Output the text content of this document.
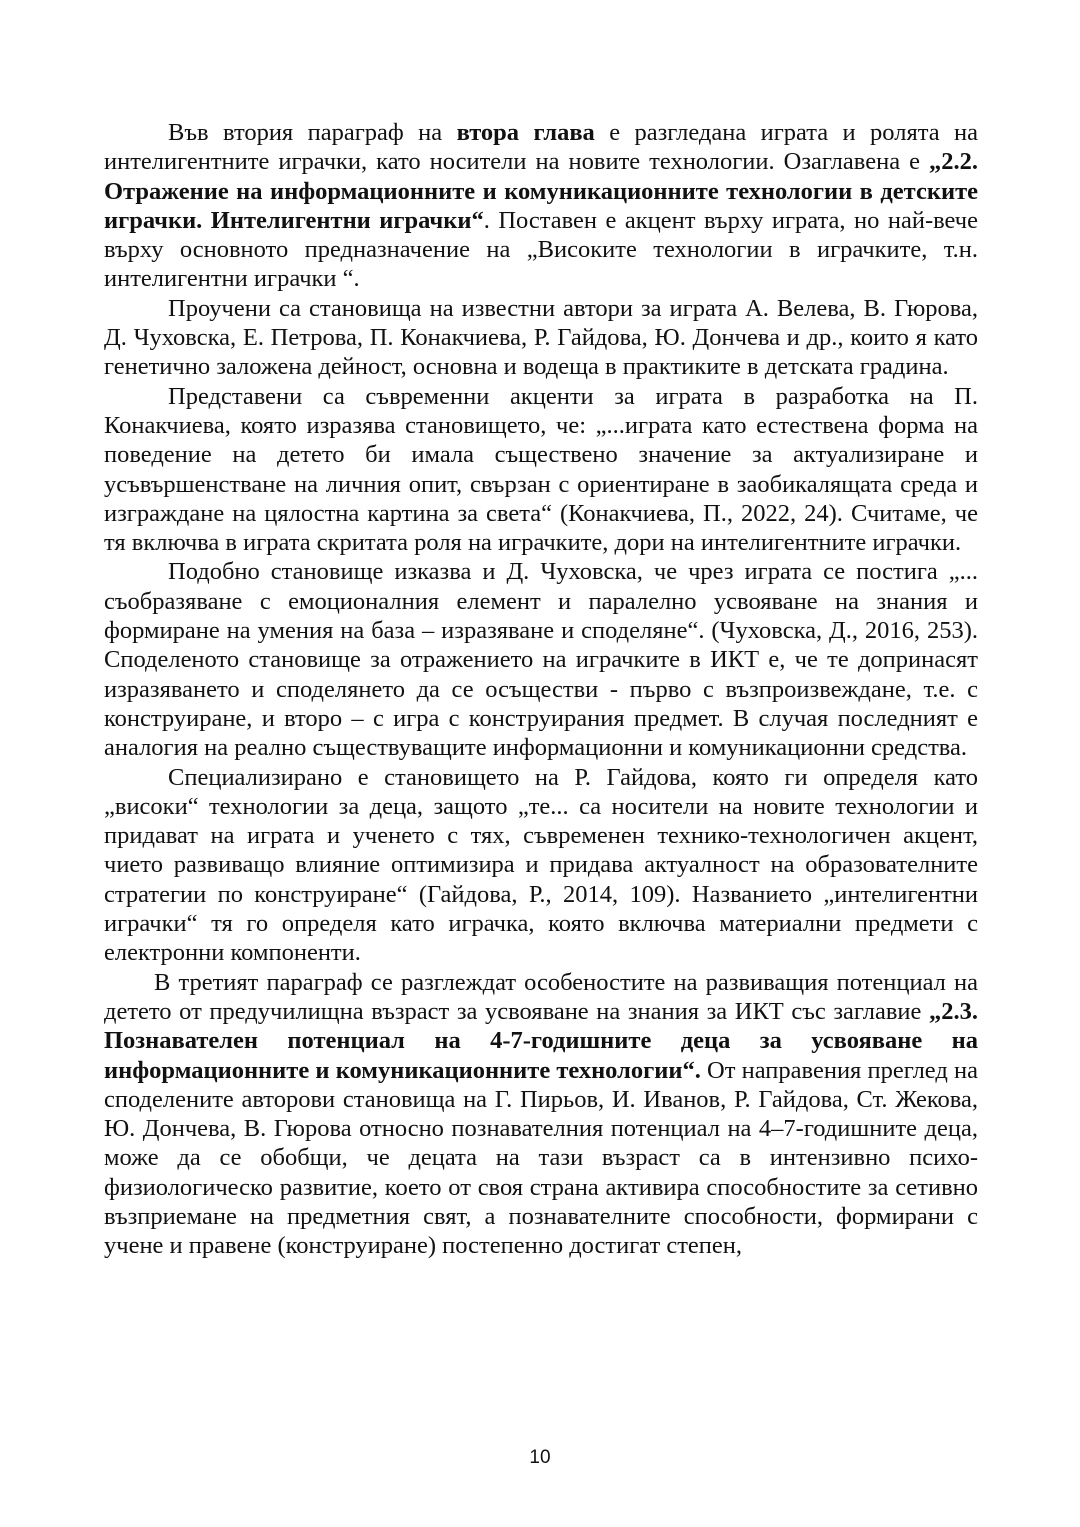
Във втория параграф на втора глава е разгледана играта и ролята на интелигентните играчки, като носители на новите технологии. Озаглавена е „2.2. Отражение на информационните и комуникационните технологии в детските играчки. Интелигентни играчки“. Поставен е акцент върху играта, но най-вече върху основното предназначение на „Високите технологии в играчките, т.н. интелигентни играчки “.

Проучени са становища на известни автори за играта А. Велева, В. Гюрова, Д. Чуховска, Е. Петрова, П. Конакчиева, Р. Гайдова, Ю. Дончева и др., които я като генетично заложена дейност, основна и водеща в практиките в детската градина.

Представени са съвременни акценти за играта в разработка на П. Конакчиева, която изразява становището, че: „...играта като естествена форма на поведение на детето би имала съществено значение за актуализиране и усъвършенстване на личния опит, свързан с ориентиране в заобикалящата среда и изграждане на цялостна картина за света“ (Конакчиева, П., 2022, 24). Считаме, че тя включва в играта скритата роля на играчките, дори на интелигентните играчки.

Подобно становище изказва и Д. Чуховска, че чрез играта се постига „... съобразяване с емоционалния елемент и паралелно усвояване на знания и формиране на умения на база – изразяване и споделяне“. (Чуховска, Д., 2016, 253). Споделеното становище за отражението на играчките в ИКТ е, че те допринасят изразяването и споделянето да се осъществи - първо с възпроизвеждане, т.е. с конструиране, и второ – с игра с конструирания предмет. В случая последният е аналогия на реално съществуващите информационни и комуникационни средства.

Специализирано е становището на Р. Гайдова, която ги определя като „високи“ технологии за деца, защото „те... са носители на новите технологии и придават на играта и ученето с тях, съвременен технико-технологичен акцент, чието развиващо влияние оптимизира и придава актуалност на образователните стратегии по конструиране“ (Гайдова, Р., 2014, 109). Названието „интелигентни играчки“ тя го определя като играчка, която включва материални предмети с електронни компоненти.

В третият параграф се разглеждат особеностите на развиващия потенциал на детето от предучилищна възраст за усвояване на знания за ИКТ със заглавие „2.3. Познавателен потенциал на 4-7-годишните деца за усвояване на информационните и комуникационните технологии“. От направения преглед на споделените авторови становища на Г. Пирьов, И. Иванов, Р. Гайдова, Ст. Жекова, Ю. Дончева, В. Гюрова относно познавателния потенциал на 4–7-годишните деца, може да се обобщи, че децата на тази възраст са в интензивно психо-физиологическо развитие, което от своя страна активира способностите за сетивно възприемане на предметния свят, а познавателните способности, формирани с учене и правене (конструиране) постепенно достигат степен,

10
